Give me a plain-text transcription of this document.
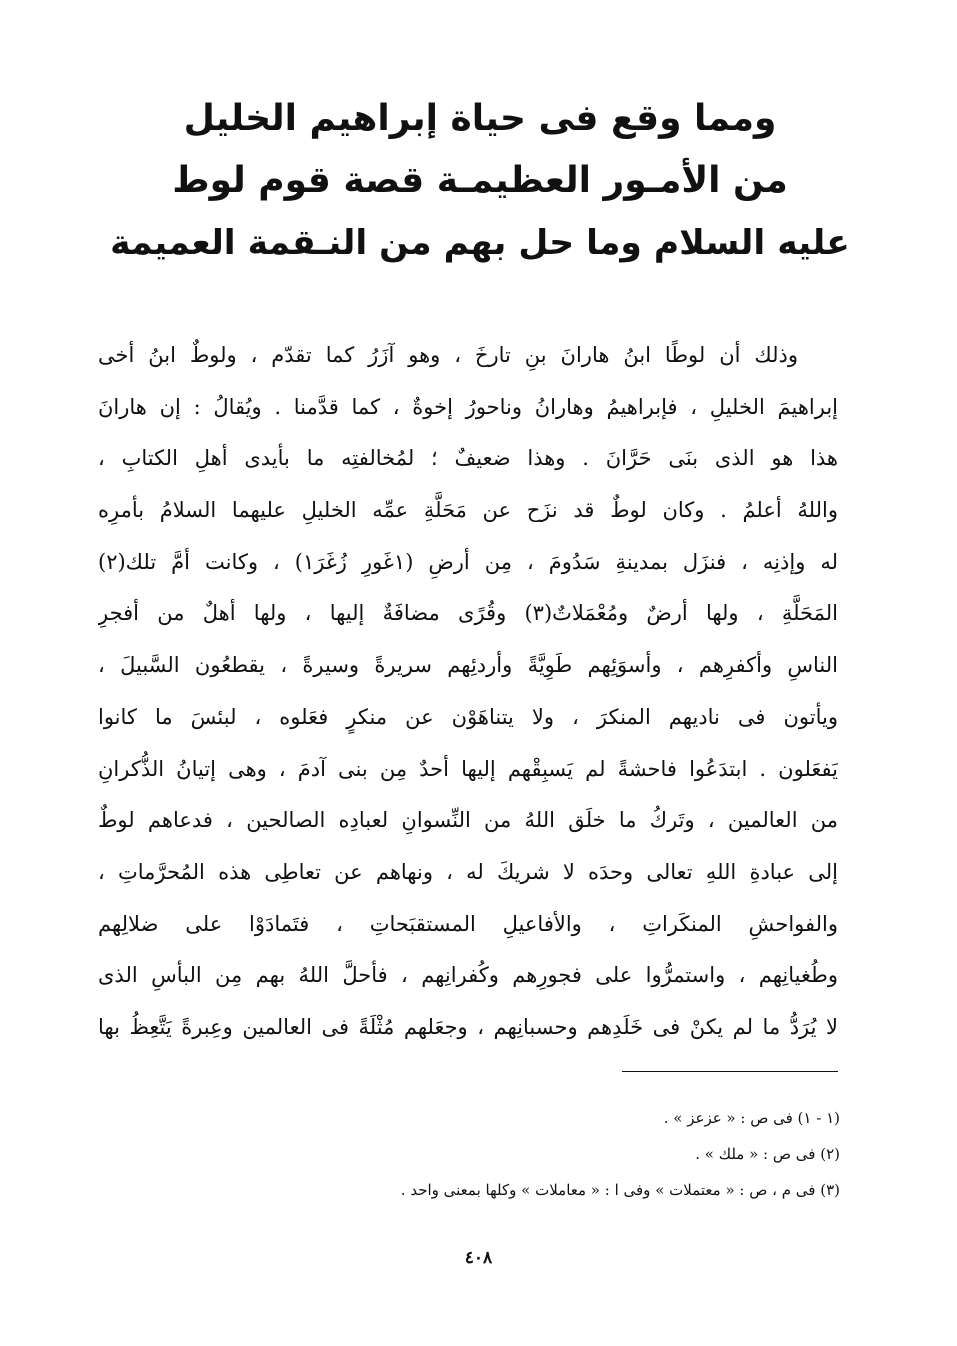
ومما وقع فى حياة إبراهيم الخليل
من الأمـور العظيمـة قصة قوم لوط
عليه السلام وما حل بهم من النـقمة العميمة
وذلك أن لوطًا ابنُ هارانَ بنِ تارخَ ، وهو آزَرُ كما تقدّم ، ولوطٌ ابنُ أخى
إبراهيمَ الخليلِ ، فإبراهيمُ وهارانُ وناحورُ إخوةٌ ، كما قدَّمنا . ويُقالُ : إن هارانَ
هذا هو الذى بنَى حَرَّانَ . وهذا ضعيفٌ ؛ لمُخالفتِه ما بأيدى أهلِ الكتابِ ،
واللهُ أعلمُ . وكان لوطٌ قد نزَح عن مَحَلَّةِ عمِّه الخليلِ عليهما السلامُ بأمرِه
له وإذنِه ، فنزَل بمدينةِ سَدُومَ ، مِن أرضِ (١غَورِ زُغَرَ١) ، وكانت أمَّ تلك(٢)
المَحَلَّةِ ، ولها أرضٌ ومُعْمَلاتٌ(٣) وقُرًى مضافَةٌ إليها ، ولها أهلٌ من أفجرِ
الناسِ وأكفرِهم ، وأسوَئِهم طَوِيَّةً وأردئِهم سريرةً وسيرةً ، يقطعُون السَّبيلَ ،
ويأتون فى ناديهم المنكرَ ، ولا يتناهَوْن عن منكرٍ فعَلوه ، لبئسَ ما كانوا
يَفعَلون . ابتدَعُوا فاحشةً لم يَسبِقْهم إليها أحدٌ مِن بنى آدمَ ، وهى إتيانُ الذُّكرانِ
من العالمين ، وتَركُ ما خلَق اللهُ من النِّسوانِ لعبادِه الصالحين ، فدعاهم لوطٌ
إلى عبادةِ اللهِ تعالى وحدَه لا شريكَ له ، ونهاهم عن تعاطِى هذه المُحرَّماتِ ،
والفواحشِ المنكَراتِ ، والأفاعيلِ المستقبَحاتِ ، فتَمادَوْا على ضلالِهم
وطُغيانِهم ، واستمرُّوا على فجورِهم وكُفرانِهم ، فأحلَّ اللهُ بهم مِن البأسِ الذى
لا يُرَدُّ ما لم يكنْ فى خَلَدِهم وحسبانِهم ، وجعَلهم مُثْلَةً فى العالمين وعِبرةً يَتَّعِظُ بها
(١ - ١) فى ص : « عزعز » .
(٢) فى ص : « ملك » .
(٣) فى م ، ص : « معتملات » وفى ا : « معاملات » وكلها بمعنى واحد .
٤٠٨
